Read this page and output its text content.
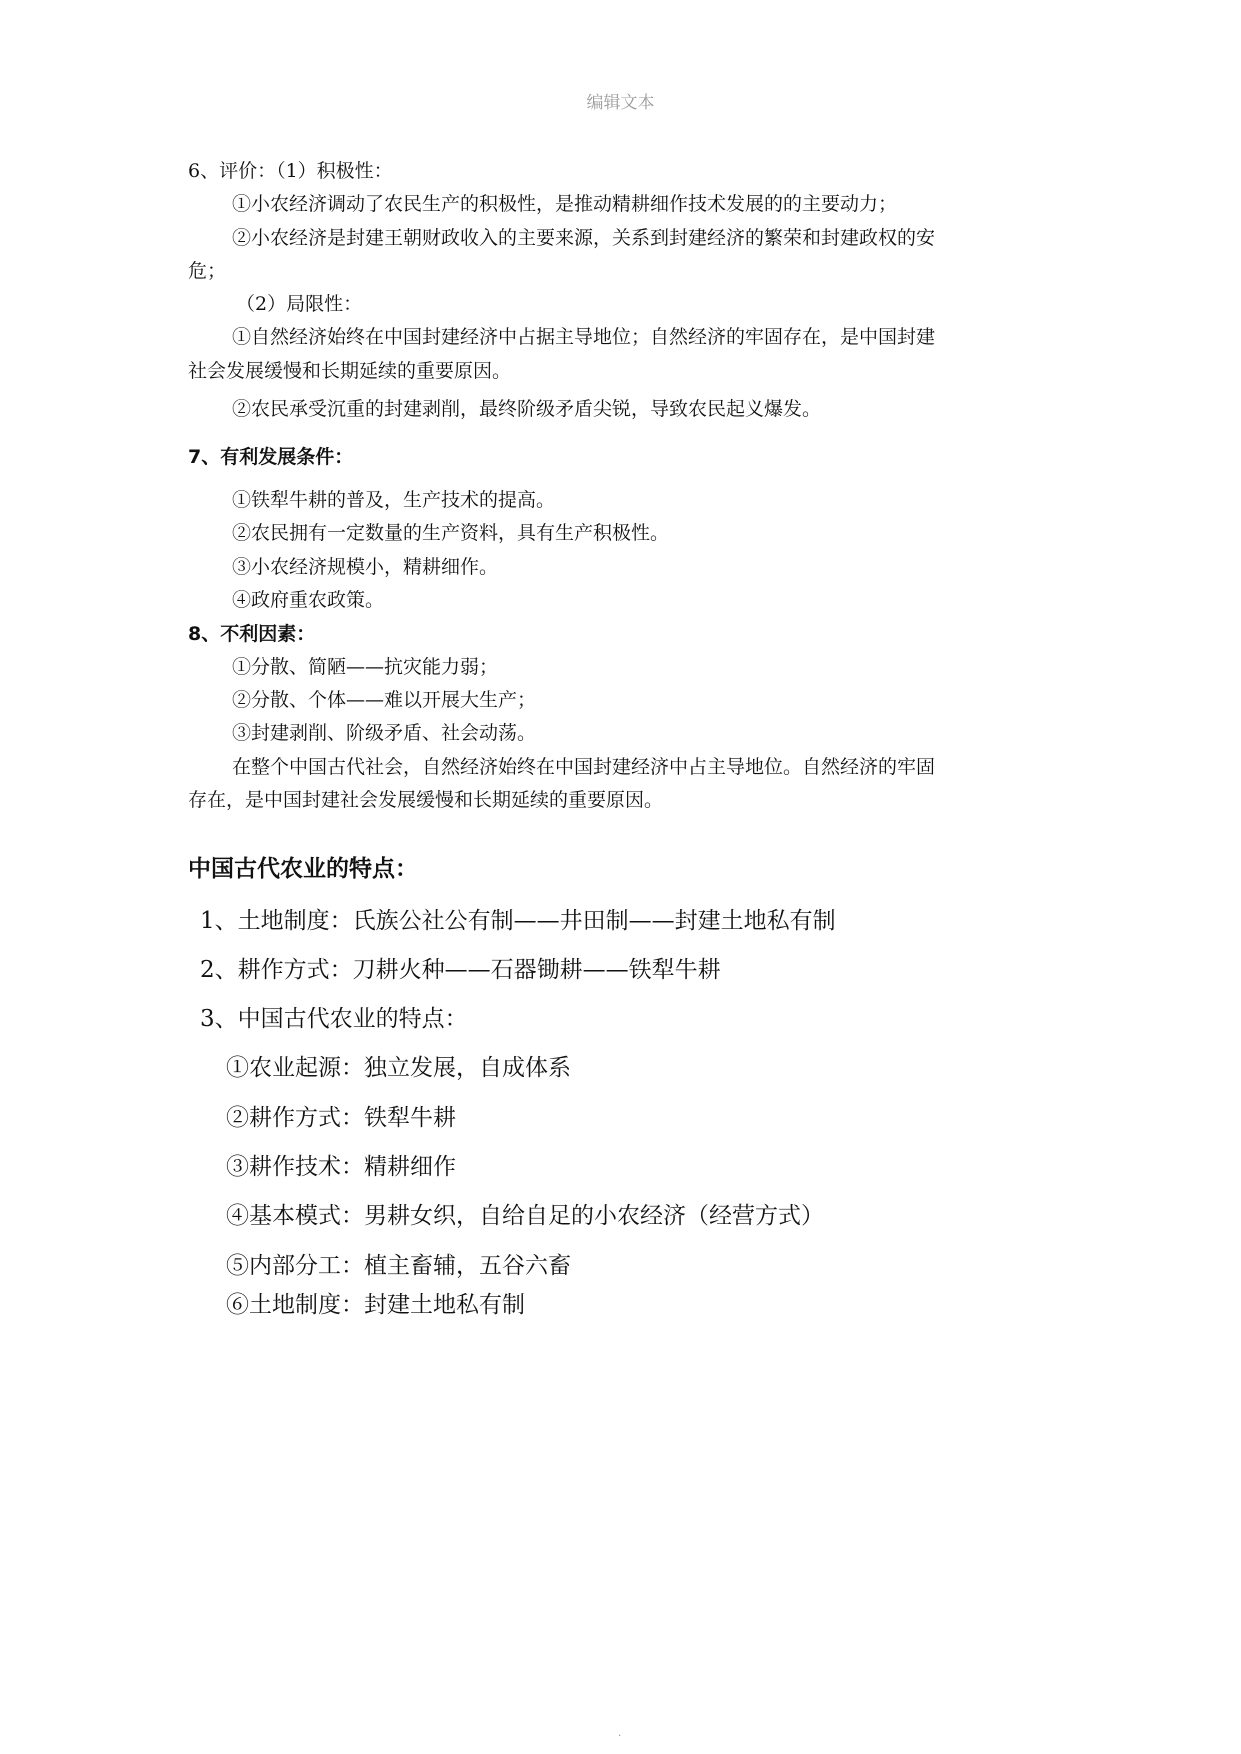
编辑文本
6、评价：（1）积极性：
①小农经济调动了农民生产的积极性，是推动精耕细作技术发展的的主要动力；
②小农经济是封建王朝财政收入的主要来源，关系到封建经济的繁荣和封建政权的安
危；
（2）局限性：
①自然经济始终在中国封建经济中占据主导地位；自然经济的牢固存在，是中国封建
社会发展缓慢和长期延续的重要原因。
②农民承受沉重的封建剥削，最终阶级矛盾尖锐，导致农民起义爆发。
7、有利发展条件：
①铁犁牛耕的普及，生产技术的提高。
②农民拥有一定数量的生产资料，具有生产积极性。
③小农经济规模小，精耕细作。
④政府重农政策。
8、不利因素：
①分散、简陋——抗灾能力弱；
②分散、个体——难以开展大生产；
③封建剥削、阶级矛盾、社会动荡。
在整个中国古代社会，自然经济始终在中国封建经济中占主导地位。自然经济的牢固
存在，是中国封建社会发展缓慢和长期延续的重要原因。
中国古代农业的特点：
1、土地制度：氏族公社公有制——井田制——封建土地私有制
2、耕作方式：刀耕火种——石器锄耕——铁犁牛耕
3、中国古代农业的特点：
①农业起源：独立发展，自成体系
②耕作方式：铁犁牛耕
③耕作技术：精耕细作
④基本模式：男耕女织，自给自足的小农经济（经营方式）
⑤内部分工：植主畜辅，五谷六畜
⑥土地制度：封建土地私有制
.
